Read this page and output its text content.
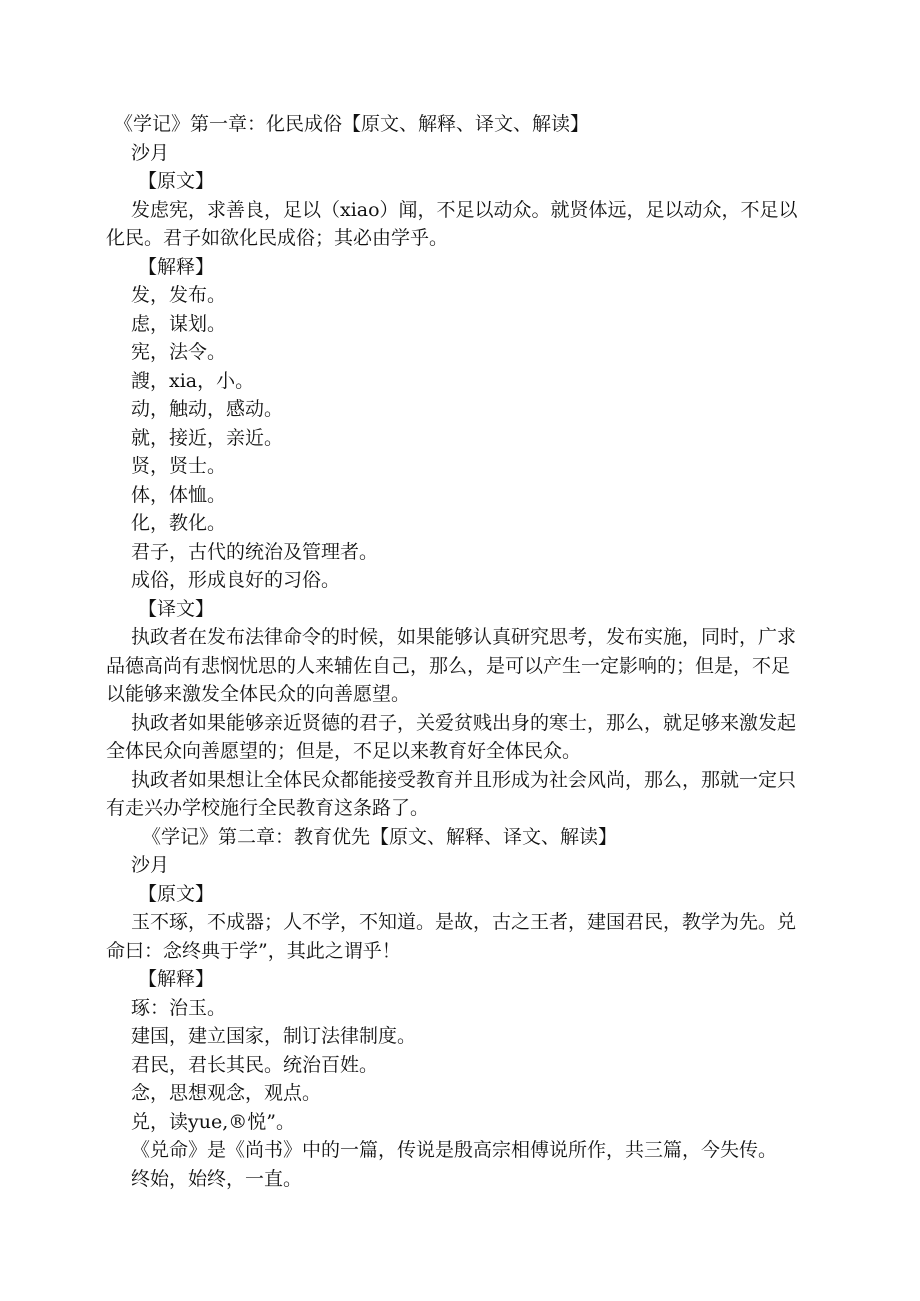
《学记》第一章：化民成俗【原文、解释、译文、解读】

沙月

【原文】

发虑宪，求善良，足以（xiao）闻，不足以动众。就贤体远，足以动众，不足以化民。君子如欲化民成俗；其必由学乎。

【解释】

发，发布。

虑，谋划。

宪，法令。

謏，xia，小。

动，触动，感动。

就，接近，亲近。

贤，贤士。

体，体恤。

化，教化。

君子，古代的统治及管理者。

成俗，形成良好的习俗。

【译文】

执政者在发布法律命令的时候，如果能够认真研究思考，发布实施，同时，广求品德高尚有悲悯忧思的人来辅佐自己，那么，是可以产生一定影响的；但是，不足以能够来激发全体民众的向善愿望。

执政者如果能够亲近贤德的君子，关爱贫贱出身的寒士，那么，就足够来激发起全体民众向善愿望的；但是，不足以来教育好全体民众。

执政者如果想让全体民众都能接受教育并且形成为社会风尚，那么，那就一定只有走兴办学校施行全民教育这条路了。

《学记》第二章：教育优先【原文、解释、译文、解读】

沙月

【原文】

玉不琢，不成器；人不学，不知道。是故，古之王者，建国君民，教学为先。兑命曰：念终典于学”，其此之谓乎！

【解释】

琢：治玉。

建国，建立国家，制订法律制度。

君民，君长其民。统治百姓。

念，思想观念，观点。

兑，读yue,®悦”。

《兑命》是《尚书》中的一篇，传说是殷高宗相傅说所作，共三篇，今失传。

终始，始终，一直。
